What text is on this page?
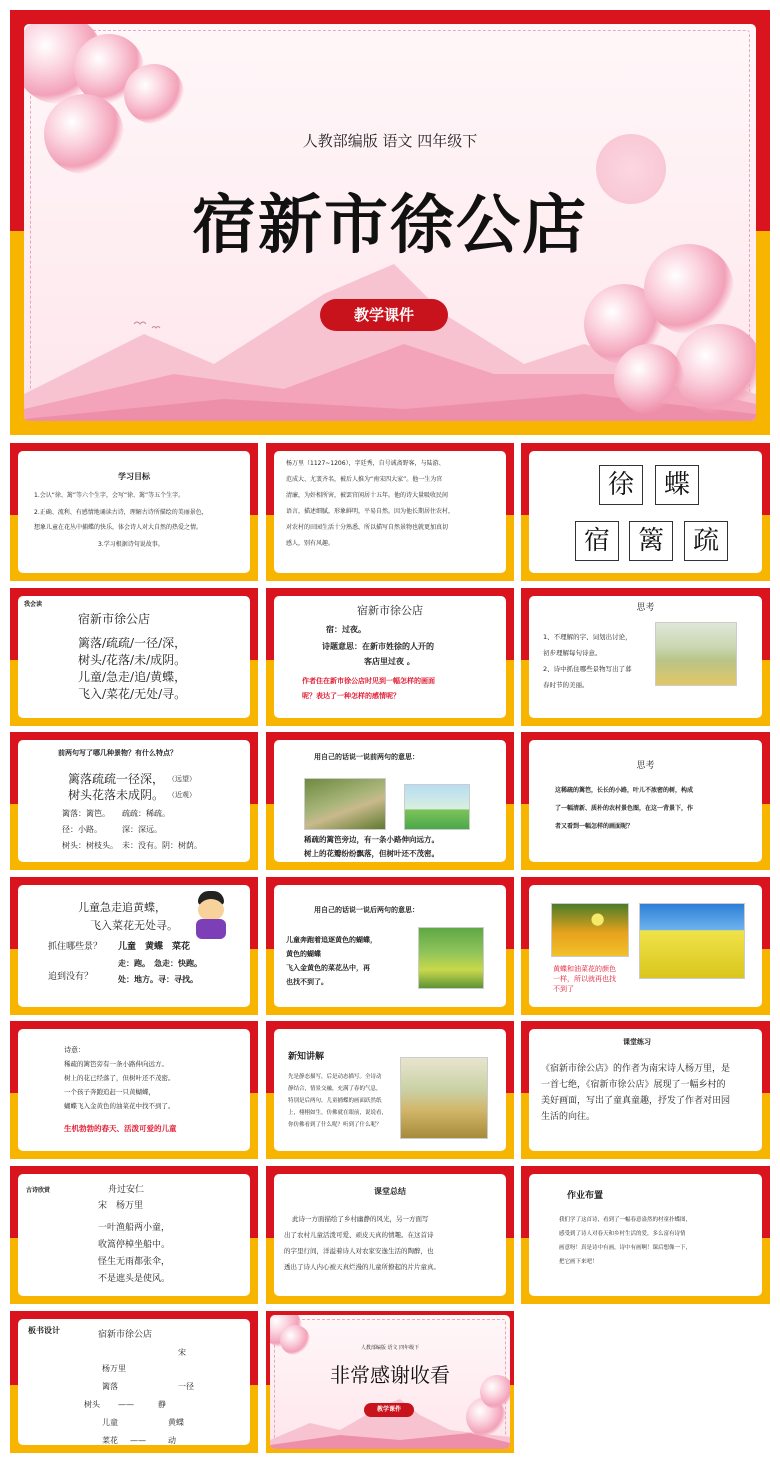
人教部编版 语文 四年级下
宿新市徐公店
教学课件
学习目标
1.会认“徐、篱”等六个生字，会写“徐、篱”等五个生字。
2.正确、流利、有感情地诵读古诗，理解古诗所描绘的美丽景色，
想象儿童在花丛中捕蝶的快乐，体会诗人对大自然的热爱之情。
3.学习根据诗句说故事。
杨万里（1127~1206），字廷秀，自号诚斋野客，与陆游、
范成大、尤袤齐名，被后人推为“南宋四大家”。他一生为官
清廉，为奸相所害，被罢官闲居十五年。他的诗大量吸收民间
语言，描述细腻，形象鲜明，平易自然。因为他长期居住农村，
对农村的田园生活十分熟悉，所以描写自然景物也就更加真切
感人，别有风趣。
徐	蝶
宿	篱	疏
我会读
宿新市徐公店
篱落/疏疏/一径/深，
树头/花落/未/成阴。
儿童/急走/追/黄蝶，
飞入/菜花/无处/寻。
宿新市徐公店
宿：过夜。
诗题意思：在新市姓徐的人开的
客店里过夜 。
作者住在新市徐公店时见到一幅怎样的画面
呢？表达了一种怎样的感情呢？
思考
1、不理解的字、词划出讨论，
初步理解每句诗意。
2、诗中抓住哪些景物写出了暮
春时节的美丽。
前两句写了哪几种景物？有什么特点？
篱落疏疏一径深， （远望）
树头花落未成阴。 （近观）
篱落：篱笆。　　疏疏：稀疏。
径：小路。　　　深：深远。
树头：树枝头。　未：没有。阴：树荫。
用自己的话说一说前两句的意思：
稀疏的篱笆旁边，有一条小路伸向远方。
树上的花瓣纷纷飘落，但树叶还不茂密。
思考
这稀疏的篱笆，长长的小路，叶儿不浓密的树，构成
了一幅清新、质朴的农村景色图，在这一背景下，作
者又看到一幅怎样的画面呢？
儿童急走追黄蝶，
飞入菜花无处寻。
抓住哪些景？ 儿童　黄蝶　菜花
走：跑。　急走：快跑。
追到没有？	处：地方。寻：寻找。
用自己的话说一说后两句的意思：
儿童奔跑着追逐黄色的蝴蝶，
黄色的蝴蝶
飞入金黄色的菜花丛中，再
也找不到了。
黄蝶和油菜花的颜色
一样，所以就再也找
不到了
诗意：
稀疏的篱笆旁有一条小路伸向远方。
树上的花已经落了，但树叶还不茂密。
一个孩子奔跑追赶一只黄蝴蝶，
蝴蝶飞入金黄色的油菜花中找不到了。
生机勃勃的春天、活泼可爱的儿童
新知讲解
先是静态描写，后是动态描写。全诗动
静结合，情景交融，充满了春的气息，
特别是后两句，儿童捕蝶的画面跃然纸
上，栩栩如生，仿佛就在眼前，说说看，
你仿佛看到了什么呢？听到了什么呢？
课堂练习
《宿新市徐公店》的作者为南宋诗人杨万里，是
一首七绝，《宿新市徐公店》展现了一幅乡村的
美好画面，写出了童真童趣，抒发了作者对田园
生活的向往。
古诗欣赏	舟过安仁
宋　杨万里
一叶渔船两小童，
收篙停棹坐船中。
怪生无雨都张伞，
不是遮头是使风。
课堂总结
此诗一方面描绘了乡村幽静的风光，另一方面写
出了农村儿童活泼可爱、顽皮天真的情趣。在这首诗
的字里行间，洋溢着诗人对农家安逸生活的陶醉，也
透出了诗人内心被天真烂漫的儿童所撩起的片片童真。
作业布置
我们学了这首诗，看到了一幅春意盎然的村童扑蝶图，
感受到了诗人对春天和乡村生活的爱，多么富有诗情
画意呀！真是诗中有画，诗中有画啊！课后想像一下，
把它画下来吧！
板书设计	宿新市徐公店
宋
杨万里
篱落	一径
树头 ——	静
儿童	黄蝶
菜花 ——	动
人教部编版 语文 四年级下
非常感谢收看
教学课件
